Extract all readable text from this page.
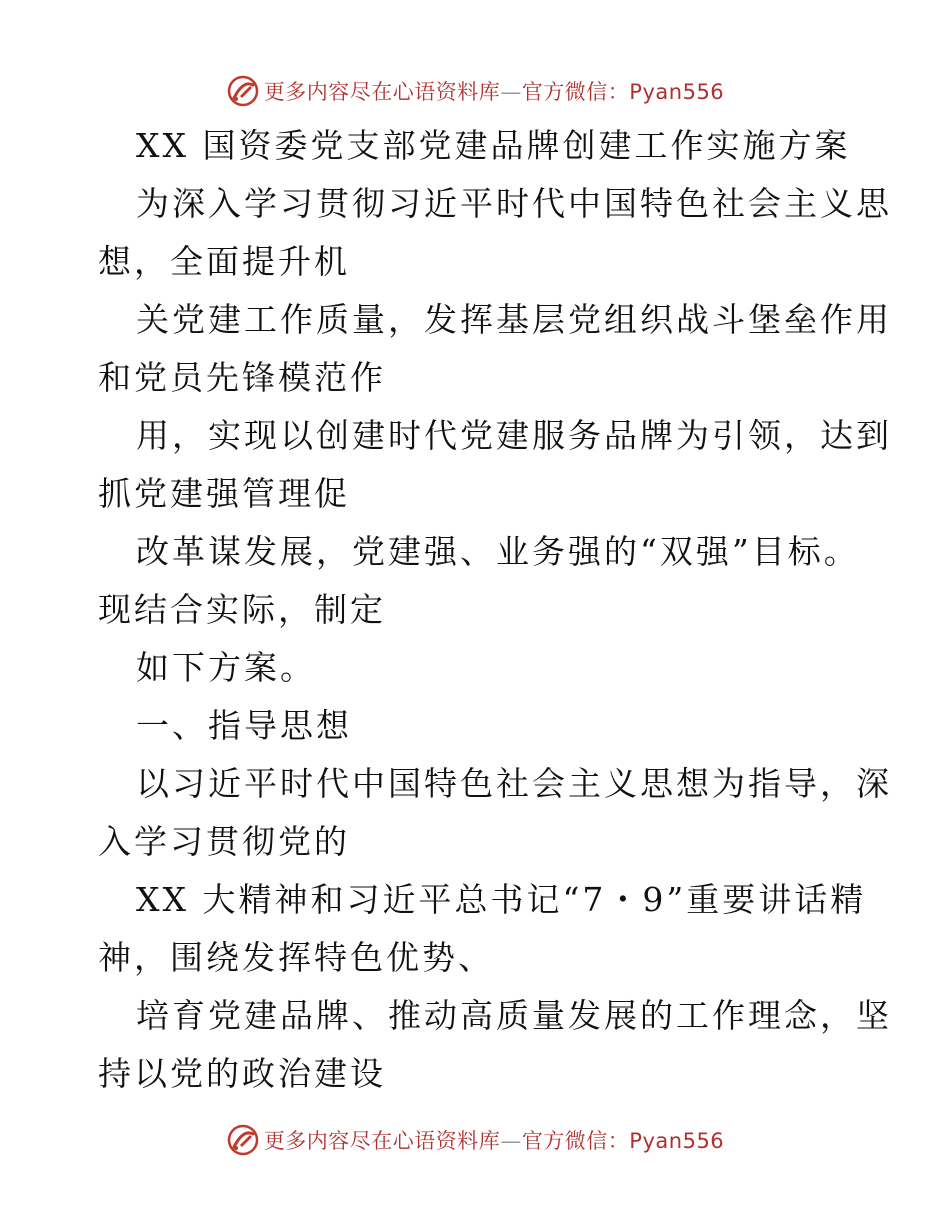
更多内容尽在心语资料库—官方微信：Pyan556
XX 国资委党支部党建品牌创建工作实施方案
为深入学习贯彻习近平时代中国特色社会主义思
想，全面提升机
关党建工作质量，发挥基层党组织战斗堡垒作用
和党员先锋模范作
用，实现以创建时代党建服务品牌为引领，达到
抓党建强管理促
改革谋发展，党建强、业务强的“双强”目标。
现结合实际，制定
如下方案。
一、指导思想
以习近平时代中国特色社会主义思想为指导，深
入学习贯彻党的
XX 大精神和习近平总书记“7・9”重要讲话精
神，围绕发挥特色优势、
培育党建品牌、推动高质量发展的工作理念，坚
持以党的政治建设
更多内容尽在心语资料库—官方微信：Pyan556
